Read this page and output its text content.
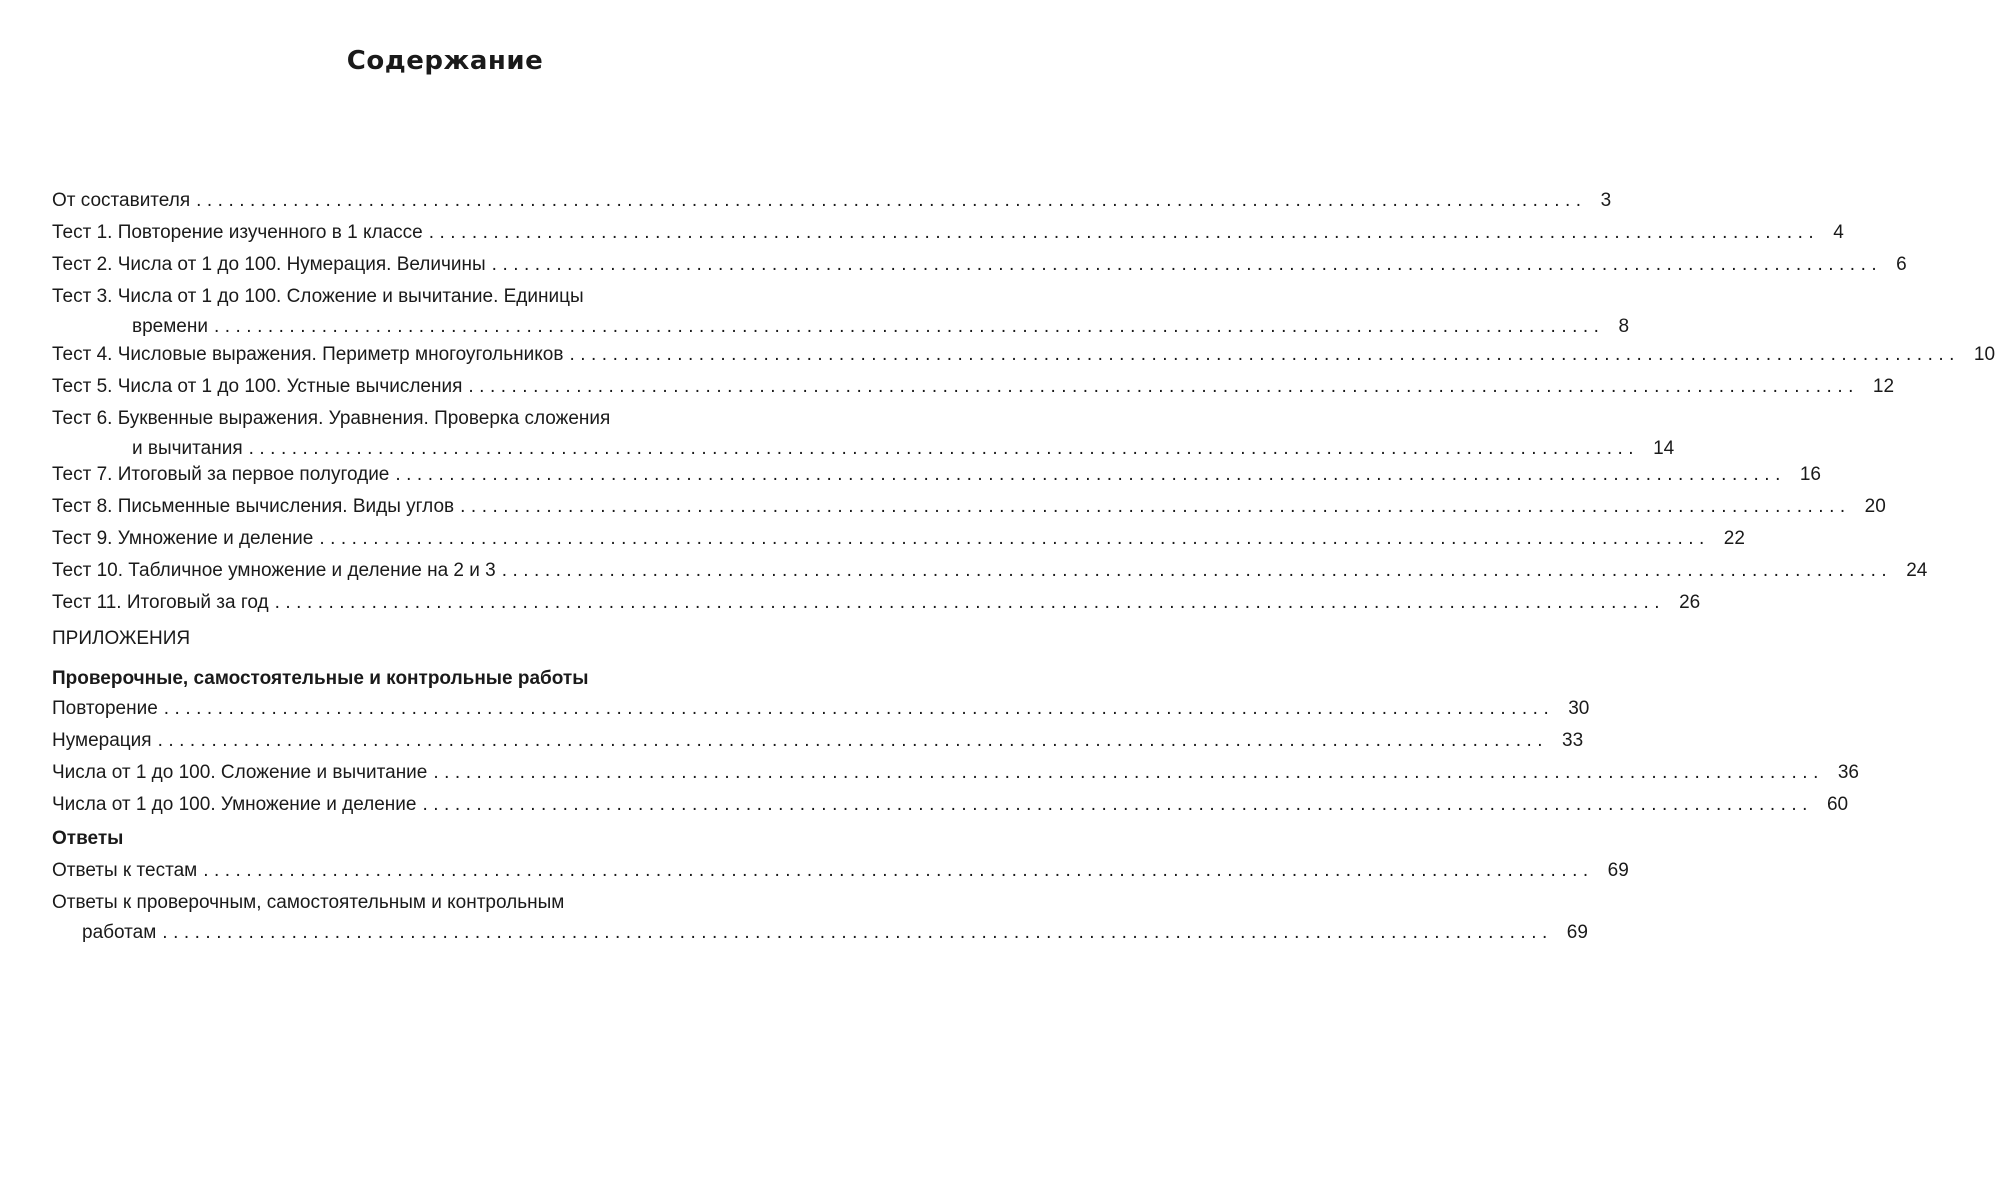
Содержание
От составителя ................................................................................................................................. 3
Тест 1. Повторение изученного в 1 классе ................................................................................................................................. 4
Тест 2. Числа от 1 до 100. Нумерация. Величины ................................................................................................................................. 6
Тест 3. Числа от 1 до 100. Сложение и вычитание. Единицы
времени ................................................................................................................................. 8
Тест 4. Числовые выражения. Периметр многоугольников ................................................................................................................................. 10
Тест 5. Числа от 1 до 100. Устные вычисления ................................................................................................................................. 12
Тест 6. Буквенные выражения. Уравнения. Проверка сложения
и вычитания ................................................................................................................................. 14
Тест 7. Итоговый за первое полугодие ................................................................................................................................. 16
Тест 8. Письменные вычисления. Виды углов ................................................................................................................................. 20
Тест 9. Умножение и деление ................................................................................................................................. 22
Тест 10. Табличное умножение и деление на 2 и 3 ................................................................................................................................. 24
Тест 11. Итоговый за год ................................................................................................................................. 26
ПРИЛОЖЕНИЯ
Проверочные, самостоятельные и контрольные работы
Повторение ................................................................................................................................. 30
Нумерация ................................................................................................................................. 33
Числа от 1 до 100. Сложение и вычитание ................................................................................................................................. 36
Числа от 1 до 100. Умножение и деление ................................................................................................................................. 60
Ответы
Ответы к тестам ................................................................................................................................. 69
Ответы к проверочным, самостоятельным и контрольным
работам ................................................................................................................................. 69
